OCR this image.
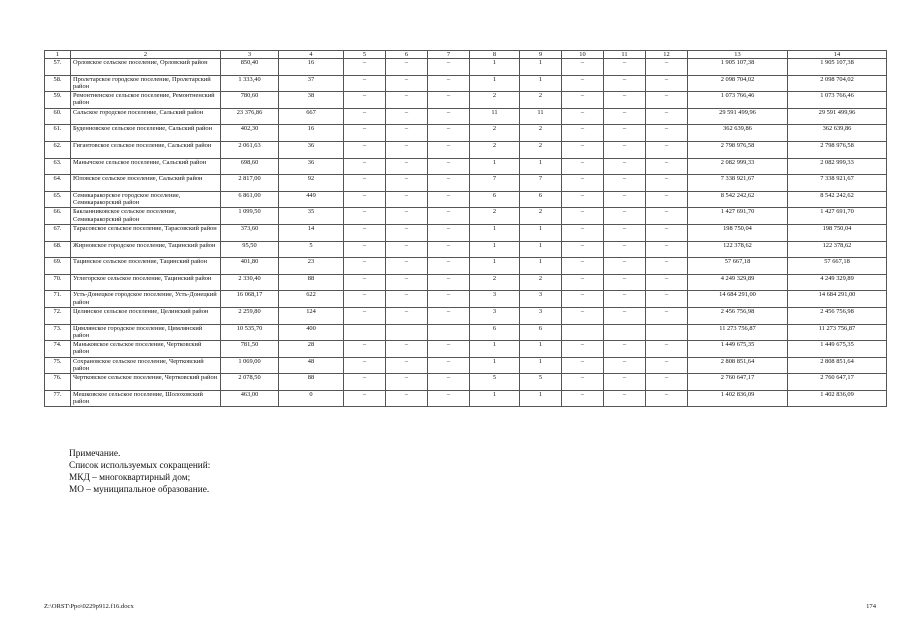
1	2	3	4	5	6	7	8	9	10	11	12	13	14
57.	Орловское сельское поселение, Орловский район	850,40	16	–	–	–	1	1	–	–	–	1 905 107,38	1 905 107,38
58.	Пролетарское городское поселение, Пролетарский район	1 333,40	37	–	–	–	1	1	–	–	–	2 098 704,02	2 098 704,02
59.	Ремонтненское сельское поселение, Ремонтненский район	780,60	38	–	–	–	2	2	–	–	–	1 073 766,46	1 073 766,46
60.	Сальское городское поселение, Сальский район	23 376,86	667	–	–	–	11	11	–	–	–	29 591 499,96	29 591 499,96
61.	Буденновское сельское поселение, Сальский район	402,30	16	–	–	–	2	2	–	–	–	362 639,86	362 639,86
62.	Гигантовское сельское поселение, Сальский район	2 061,63	36	–	–	–	2	2	–	–	–	2 798 976,58	2 798 976,58
63.	Манычское сельское поселение, Сальский район	698,60	36	–	–	–	1	1	–	–	–	2 082 999,33	2 082 999,33
64.	Юловское сельское поселение, Сальский район	2 817,00	92	–	–	–	7	7	–	–	–	7 338 921,67	7 338 921,67
65.	Семикаракорское городское поселение, Семикаракорский район	6 861,00	449	–	–	–	6	6	–	–	–	8 542 242,62	8 542 242,62
66.	Бакланниковское сельское поселение, Семикаракорский район	1 099,50	35	–	–	–	2	2	–	–	–	1 427 691,70	1 427 691,70
67.	Тарасовское сельское поселение, Тарасовский район	373,60	14	–	–	–	1	1	–	–	–	198 750,04	198 750,04
68.	Жирновское городское поселение, Тацинский район	95,50	5	–	–	–	1	1	–	–	–	122 378,62	122 378,62
69.	Тацинское сельское поселение, Тацинский район	401,80	23	–	–	–	1	1	–	–	–	57 667,18	57 667,18
70.	Углегорское сельское поселение, Тацинский район	2 330,40	88	–	–	–	2	2	–	–	–	4 249 329,89	4 249 329,89
71.	Усть-Донецкое городское поселение, Усть-Донецкий район	16 068,17	622	–	–	–	3	3	–	–	–	14 684 291,00	14 684 291,00
72.	Целинское сельское поселение, Целинский район	2 259,80	124	–	–	–	3	3	–	–	–	2 456 756,98	2 456 756,98
73.	Цимлянское городское поселение, Цимлянский район	10 535,70	400				6	6				11 273 756,87	11 273 756,87
74.	Маньковское сельское поселение, Чертковский район	781,50	28	–	–	–	1	1	–	–	–	1 449 675,35	1 449 675,35
75.	Сохрановское сельское поселение, Чертковский район	1 069,00	48	–	–	–	1	1	–	–	–	2 808 851,64	2 808 851,64
76.	Чертковское сельское поселение, Чертковский район	2 078,50	88	–	–	–	5	5	–	–	–	2 760 647,17	2 760 647,17
77.	Мешковское сельское поселение, Шолоховский район	463,00	0	–	–	–	1	1	–	–	–	1 402 836,09	1 402 836,09
Примечание.
Список используемых сокращений:
МКД – многоквартирный дом;
МО – муниципальное образование.
Z:\ORST\Ppo\0229p912.f16.docx	174
